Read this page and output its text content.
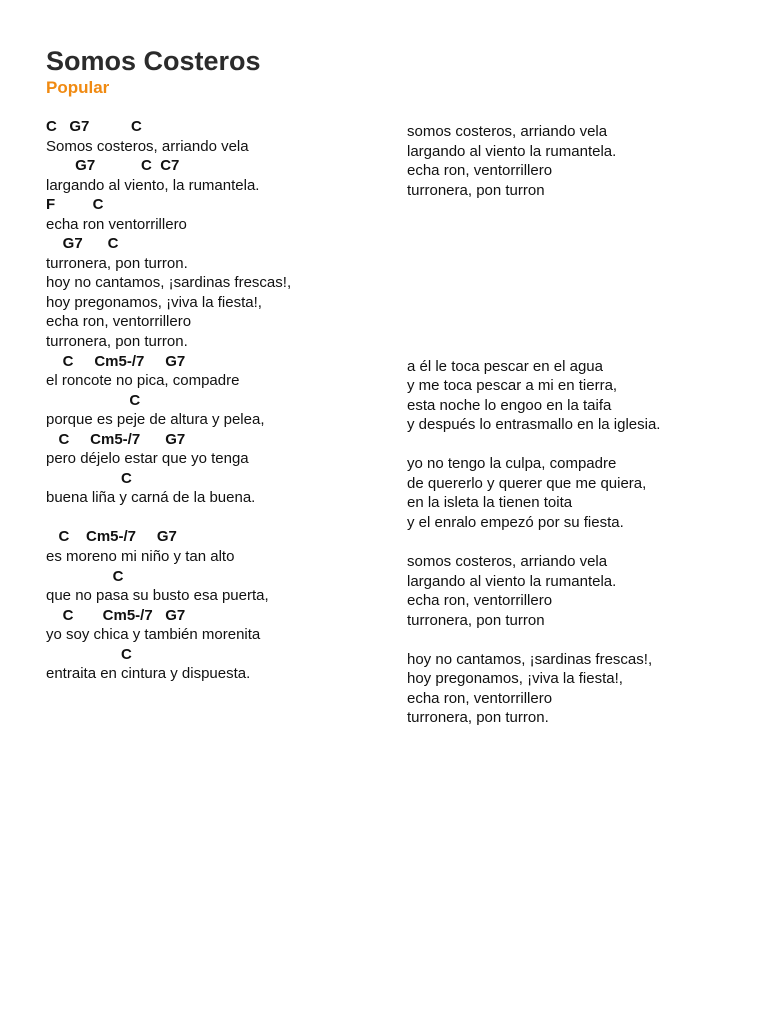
Somos Costeros
Popular
C   G7          C
Somos costeros, arriando vela
G7           C  C7
largando al viento, la rumantela.
F         C
echa ron ventorrillero
G7      C
turronera, pon turron.
hoy no cantamos, ¡sardinas frescas!,
hoy pregonamos, ¡viva la fiesta!,
echa ron, ventorrillero
turronera, pon turron.
C     Cm5-/7     G7
el roncote no pica, compadre
C
porque es peje de altura y pelea,
C     Cm5-/7      G7
pero déjelo estar que yo tenga
C
buena liña y carná de la buena.
C    Cm5-/7     G7
es moreno mi niño y tan alto
C
que no pasa su busto esa puerta,
C       Cm5-/7   G7
yo soy chica y también morenita
C
entraita en cintura y dispuesta.
somos costeros, arriando vela
largando al viento la rumantela.
echa ron, ventorrillero
turronera, pon turron
a él le toca pescar en el agua
y me toca pescar a mi en tierra,
esta noche lo engoo en la taifa
y después lo entrasmallo en la iglesia.
yo no tengo la culpa, compadre
de quererlo y querer que me quiera,
en la isleta la tienen toita
y el enralo empezó por su fiesta.
somos costeros, arriando vela
largando al viento la rumantela.
echa ron, ventorrillero
turronera, pon turron
hoy no cantamos, ¡sardinas frescas!,
hoy pregonamos, ¡viva la fiesta!,
echa ron, ventorrillero
turronera, pon turron.
